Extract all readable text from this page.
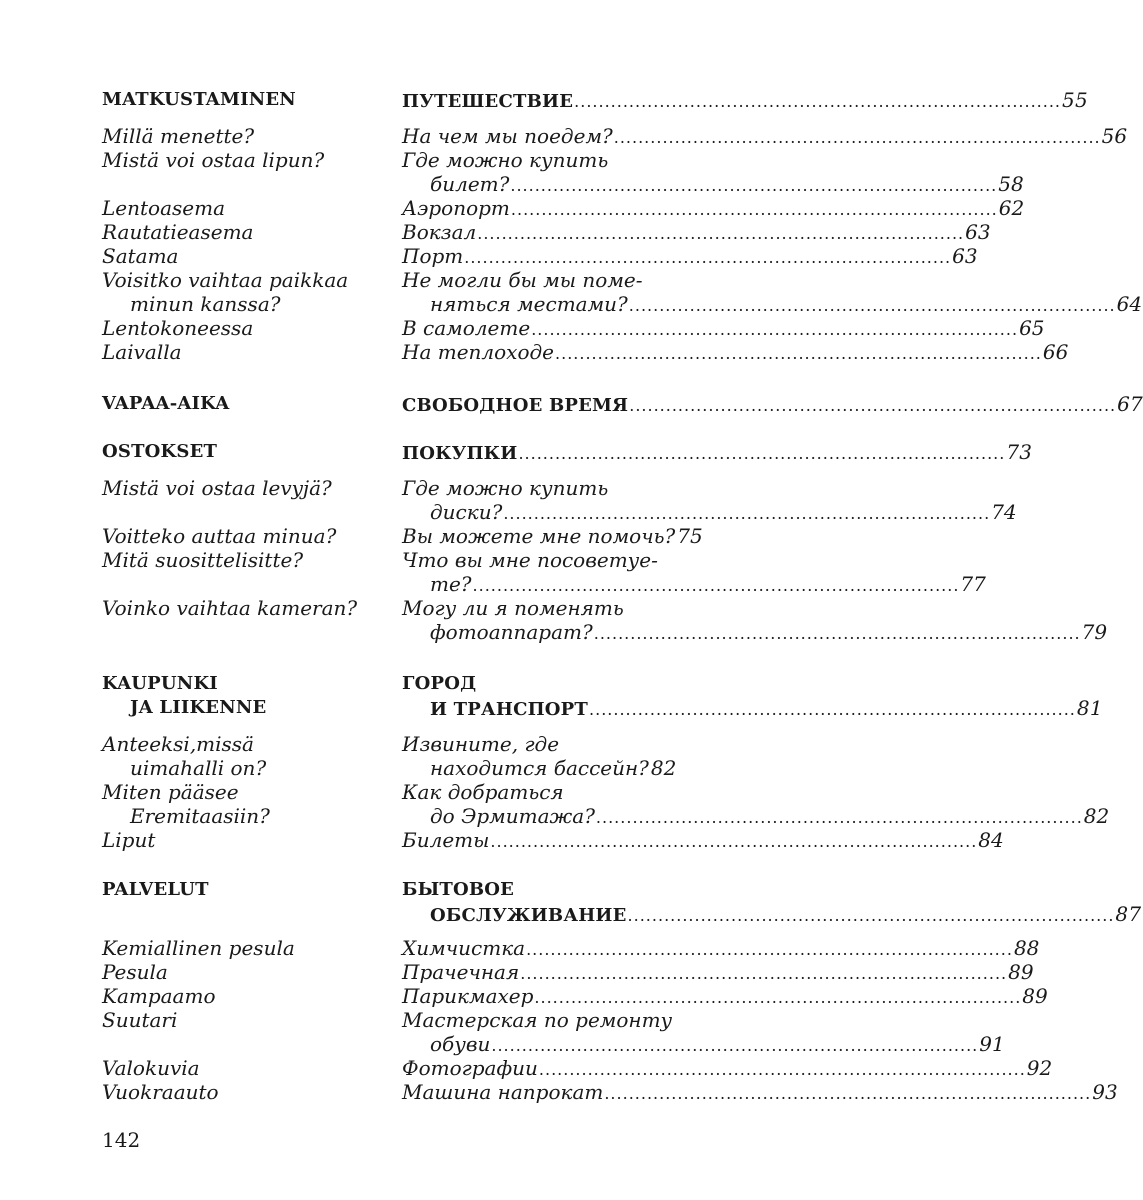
MATKUSTAMINEN
Millä menette?
Mistä voi ostaa lipun?
Lentoasema
Rautatieasema
Satama
Voisitko vaihtaa paikkaa
minun kanssa?
Lentokoneessa
Laivalla
VAPAA-AIKA
OSTOKSET
Mistä voi ostaa levyjä?
Voitteko auttaa minua?
Mitä suosittelisitte?
Voinko vaihtaa kameran?
KAUPUNKI
JA LIIKENNE
Anteeksi,missä
uimahalli on?
Miten pääsee
Eremitaasiin?
Liput
PALVELUT
Kemiallinen pesula
Pesula
Kampaamo
Suutari
Valokuvia
Vuokraauto
ПУТЕШЕСТВИЕ ................................................................................ 55
На чем мы поедем? ................................................................................ 56
Где можно купить
билет? ................................................................................ 58
Аэропорт ................................................................................ 62
Вокзал ................................................................................ 63
Порт ................................................................................ 63
Не могли бы мы поме-
няться местами? ................................................................................ 64
В самолете ................................................................................ 65
На теплоходе ................................................................................ 66
СВОБОДНОЕ ВРЕМЯ ................................................................................ 67
ПОКУПКИ ................................................................................ 73
Где можно купить
диски? ................................................................................ 74
Вы можете мне помочь? 75
Что вы мне посоветуе-
те? ................................................................................ 77
Могу ли я поменять
фотоаппарат? ................................................................................ 79
ГОРОД
И ТРАНСПОРТ ................................................................................ 81
Извините, где
находится бассейн? 82
Как добраться
до Эрмитажа? ................................................................................ 82
Билеты ................................................................................ 84
БЫТОВОЕ
ОБСЛУЖИВАНИЕ ................................................................................ 87
Химчистка ................................................................................ 88
Прачечная ................................................................................ 89
Парикмахер ................................................................................ 89
Мастерская по ремонту
обуви ................................................................................ 91
Фотографии ................................................................................ 92
Машина напрокат ................................................................................ 93
142
